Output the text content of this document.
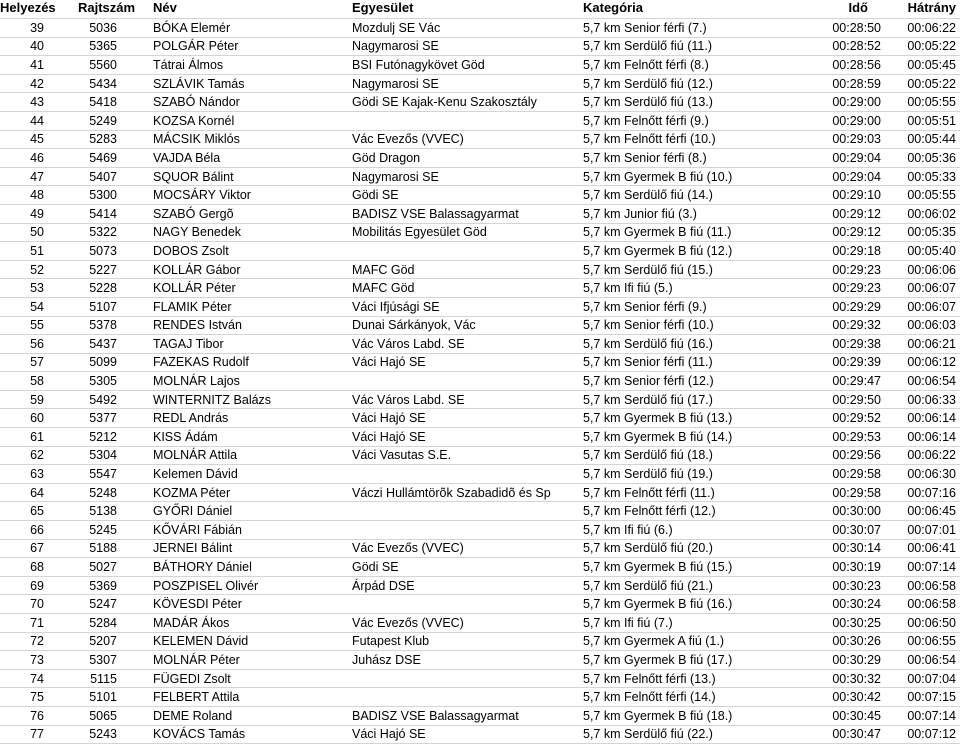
Helyezés	Rajtszám	Név	Egyesület	Kategória	Idő	Hátrány
39	5036	BÓKA Elemér	Mozdulj SE Vác	5,7 km Senior férfi (7.)	00:28:50	00:06:22
40	5365	POLGÁR Péter	Nagymarosi SE	5,7 km Serdülő fiú (11.)	00:28:52	00:05:22
41	5560	Tátrai Álmos	BSI Futónagykövet Göd	5,7 km Felnőtt férfi (8.)	00:28:56	00:05:45
42	5434	SZLÁVIK Tamás	Nagymarosi SE	5,7 km Serdülő fiú (12.)	00:28:59	00:05:22
43	5418	SZABÓ Nándor	Gödi SE Kajak-Kenu Szakosztály	5,7 km Serdülő fiú (13.)	00:29:00	00:05:55
44	5249	KOZSA Kornél		5,7 km Felnőtt férfi (9.)	00:29:00	00:05:51
45	5283	MÁCSIK Miklós	Vác Evezős (VVEC)	5,7 km Felnőtt férfi (10.)	00:29:03	00:05:44
46	5469	VAJDA Béla	Göd Dragon	5,7 km Senior férfi (8.)	00:29:04	00:05:36
47	5407	SQUOR Bálint	Nagymarosi SE	5,7 km Gyermek B fiú (10.)	00:29:04	00:05:33
48	5300	MOCSÁRY Viktor	Gödi SE	5,7 km Serdülő fiú (14.)	00:29:10	00:05:55
49	5414	SZABÓ Gergõ	BADISZ VSE Balassagyarmat	5,7 km Junior fiú (3.)	00:29:12	00:06:02
50	5322	NAGY Benedek	Mobilitás Egyesület Göd	5,7 km Gyermek B fiú (11.)	00:29:12	00:05:35
51	5073	DOBOS Zsolt		5,7 km Gyermek B fiú (12.)	00:29:18	00:05:40
52	5227	KOLLÁR Gábor	MAFC Göd	5,7 km Serdülő fiú (15.)	00:29:23	00:06:06
53	5228	KOLLÁR Péter	MAFC Göd	5,7 km Ifi fiú (5.)	00:29:23	00:06:07
54	5107	FLAMIK Péter	Váci Ifjúsági SE	5,7 km Senior férfi (9.)	00:29:29	00:06:07
55	5378	RENDES István	Dunai Sárkányok, Vác	5,7 km Senior férfi (10.)	00:29:32	00:06:03
56	5437	TAGAJ Tibor	Vác Város Labd. SE	5,7 km Serdülő fiú (16.)	00:29:38	00:06:21
57	5099	FAZEKAS Rudolf	Váci Hajó SE	5,7 km Senior férfi (11.)	00:29:39	00:06:12
58	5305	MOLNÁR Lajos		5,7 km Senior férfi (12.)	00:29:47	00:06:54
59	5492	WINTERNITZ Balázs	Vác Város Labd. SE	5,7 km Serdülő fiú (17.)	00:29:50	00:06:33
60	5377	REDL András	Váci Hajó SE	5,7 km Gyermek B fiú (13.)	00:29:52	00:06:14
61	5212	KISS Ádám	Váci Hajó SE	5,7 km Gyermek B fiú (14.)	00:29:53	00:06:14
62	5304	MOLNÁR Attila	Váci Vasutas S.E.	5,7 km Serdülő fiú (18.)	00:29:56	00:06:22
63	5547	Kelemen Dávid		5,7 km Serdülő fiú (19.)	00:29:58	00:06:30
64	5248	KOZMA Péter	Váczi Hullámtörõk Szabadidõ és Sp	5,7 km Felnőtt férfi (11.)	00:29:58	00:07:16
65	5138	GYŐRI Dániel		5,7 km Felnőtt férfi (12.)	00:30:00	00:06:45
66	5245	KŐVÁRI Fábián		5,7 km Ifi fiú (6.)	00:30:07	00:07:01
67	5188	JERNEI Bálint	Vác Evezős (VVEC)	5,7 km Serdülő fiú (20.)	00:30:14	00:06:41
68	5027	BÁTHORY Dániel	Gödi SE	5,7 km Gyermek B fiú (15.)	00:30:19	00:07:14
69	5369	POSZPISEL Olivér	Árpád DSE	5,7 km Serdülő fiú (21.)	00:30:23	00:06:58
70	5247	KÖVESDI Péter		5,7 km Gyermek B fiú (16.)	00:30:24	00:06:58
71	5284	MADÁR Ákos	Vác Evezős (VVEC)	5,7 km Ifi fiú (7.)	00:30:25	00:06:50
72	5207	KELEMEN Dávid	Futapest Klub	5,7 km Gyermek A fiú (1.)	00:30:26	00:06:55
73	5307	MOLNÁR Péter	Juhász DSE	5,7 km Gyermek B fiú (17.)	00:30:29	00:06:54
74	5115	FÜGEDI Zsolt		5,7 km Felnőtt férfi (13.)	00:30:32	00:07:04
75	5101	FELBERT Attila		5,7 km Felnőtt férfi (14.)	00:30:42	00:07:15
76	5065	DEME Roland	BADISZ VSE Balassagyarmat	5,7 km Gyermek B fiú (18.)	00:30:45	00:07:14
77	5243	KOVÁCS Tamás	Váci Hajó SE	5,7 km Serdülő fiú (22.)	00:30:47	00:07:12
